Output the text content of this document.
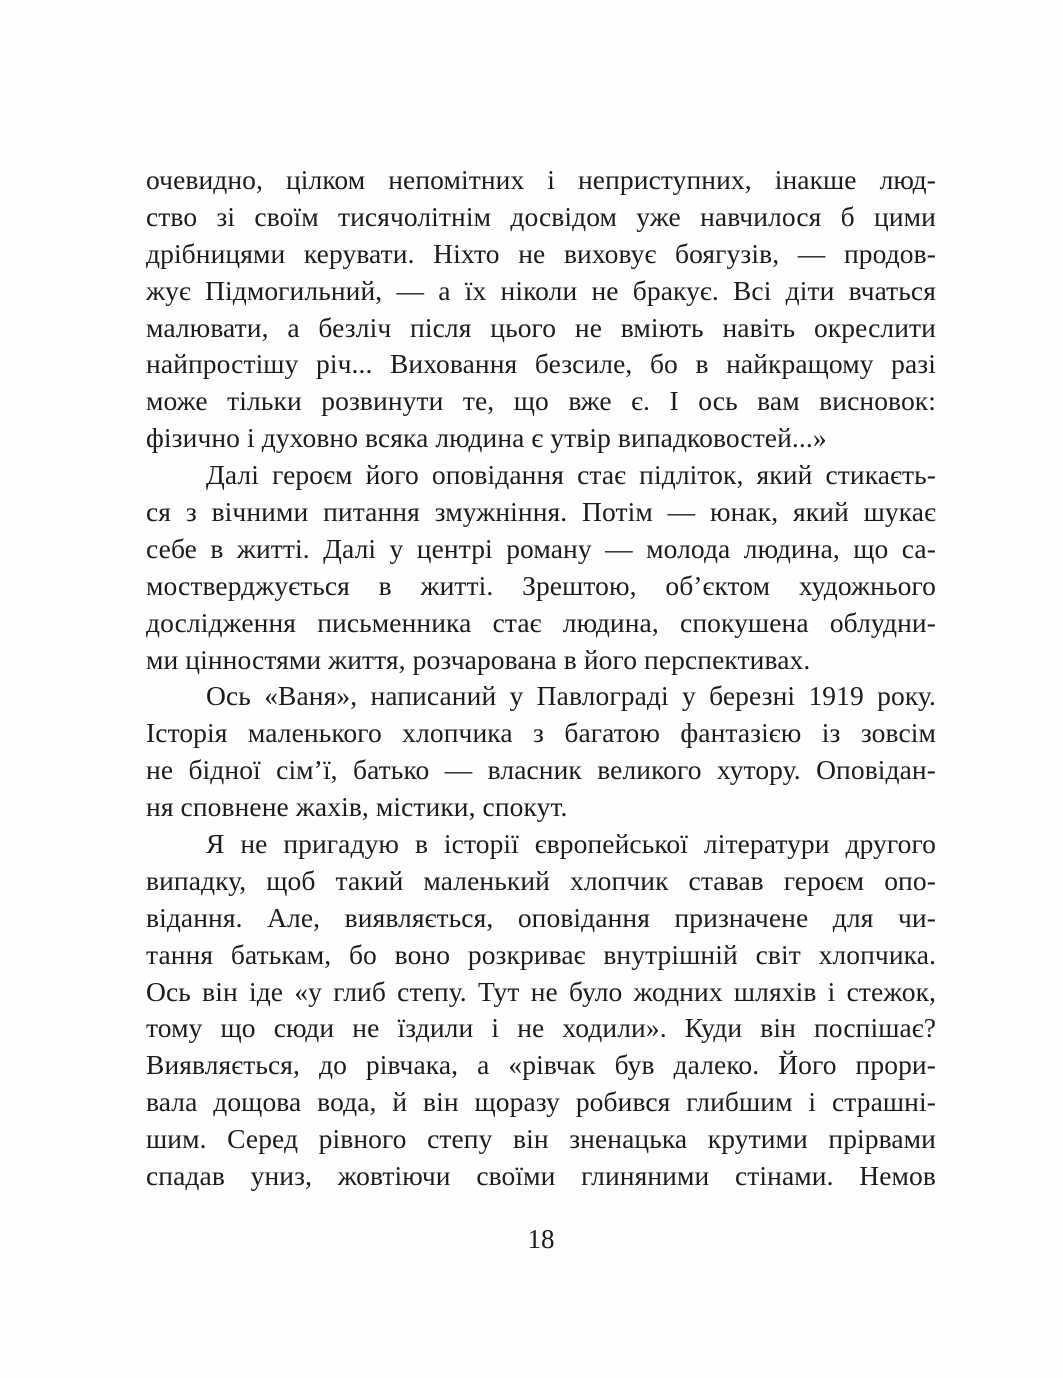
очевидно, цілком непомітних і неприступних, інакше люд-
ство зі своїм тисячолітнім досвідом уже навчилося б цими
дрібницями керувати. Ніхто не виховує боягузів, — продов-
жує Підмогильний, — а їх ніколи не бракує. Всі діти вчаться
малювати, а безліч після цього не вміють навіть окреслити
найпростішу річ... Виховання безсиле, бо в найкращому разі
може тільки розвинути те, що вже є. І ось вам висновок:
фізично і духовно всяка людина є утвір випадковостей...»
Далі героєм його оповідання стає підліток, який стикаєть-
ся з вічними питання змужніння. Потім — юнак, який шукає
себе в житті. Далі у центрі роману — молода людина, що са-
мостверджується в житті. Зрештою, об’єктом художнього
дослідження письменника стає людина, спокушена облудни-
ми цінностями життя, розчарована в його перспективах.
Ось «Ваня», написаний у Павлограді у березні 1919 року.
Історія маленького хлопчика з багатою фантазією із зовсім
не бідної сім’ї, батько — власник великого хутору. Оповідан-
ня сповнене жахів, містики, спокут.
Я не пригадую в історії європейської літератури другого
випадку, щоб такий маленький хлопчик ставав героєм опо-
відання. Але, виявляється, оповідання призначене для чи-
тання батькам, бо воно розкриває внутрішній світ хлопчика.
Ось він іде «у глиб степу. Тут не було жодних шляхів і стежок,
тому що сюди не їздили і не ходили». Куди він поспішає?
Виявляється, до рівчака, а «рівчак був далеко. Його прори-
вала дощова вода, й він щоразу робився глибшим і страшні-
шим. Серед рівного степу він зненацька крутими прірвами
спадав униз, жовтіючи своїми глиняними стінами. Немов
18
